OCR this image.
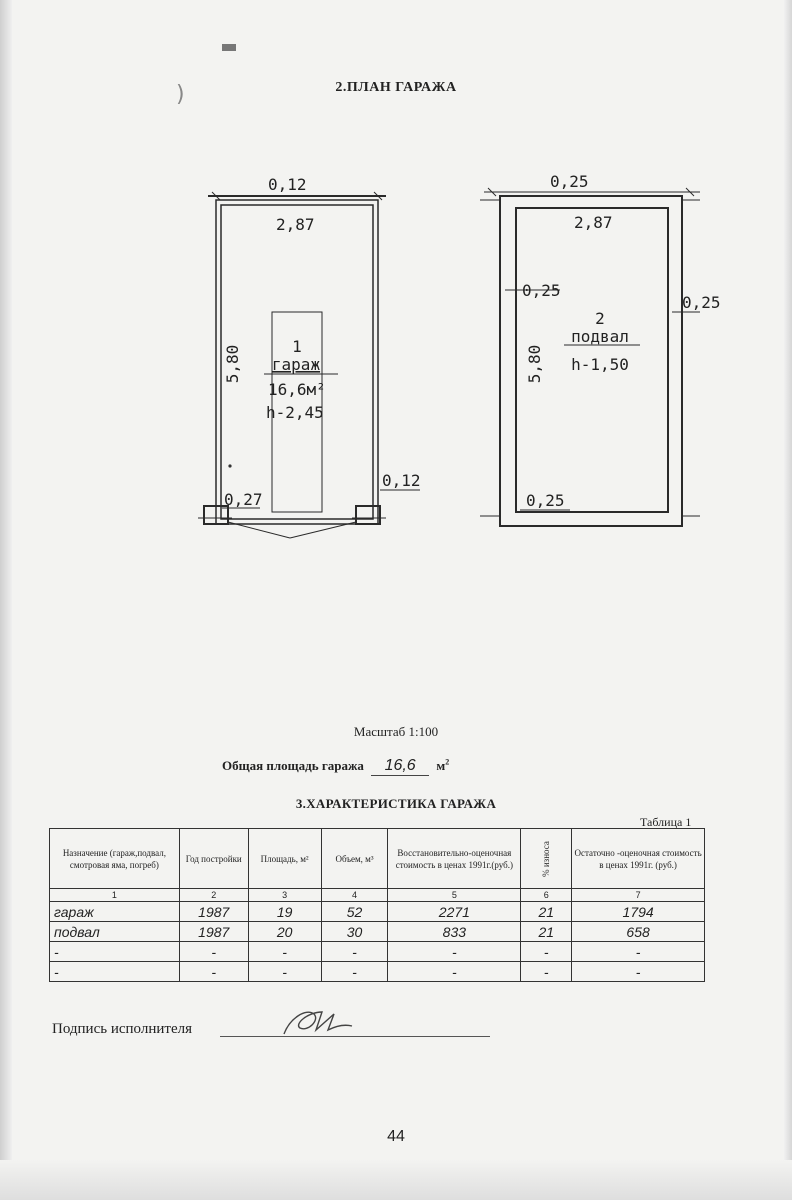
)	2.ПЛАН ГАРАЖА
0,12
2,87
5,80	1
гараж
16,6м²
h-2,45
0,12
0,27
0,25
2,87
0,25
0,25
5,80
2
подвал
h-1,50
0,25
Масштаб 1:100
Общая площадь гаража 16,6 $м^2$
3.ХАРАКТЕРИСТИКА ГАРАЖА
Таблица 1
Назначение (гараж,подвал, смотровая яма, погреб)	Год постройки	Площадь, м²	Объем, м³	Восстановительно-оценочная стоимость в ценах 1991г.(руб.)	% износа	Остаточно -оценочная стоимость в ценах 1991г. (руб.)
1	2	3	4	5	6	7
гараж	1987	19	52	2271	21	1794
подвал	1987	20	30	833	21	658
-	-	-	-	-	-	-
-	-	-	-	-	-	-
Подпись исполнителя
44
